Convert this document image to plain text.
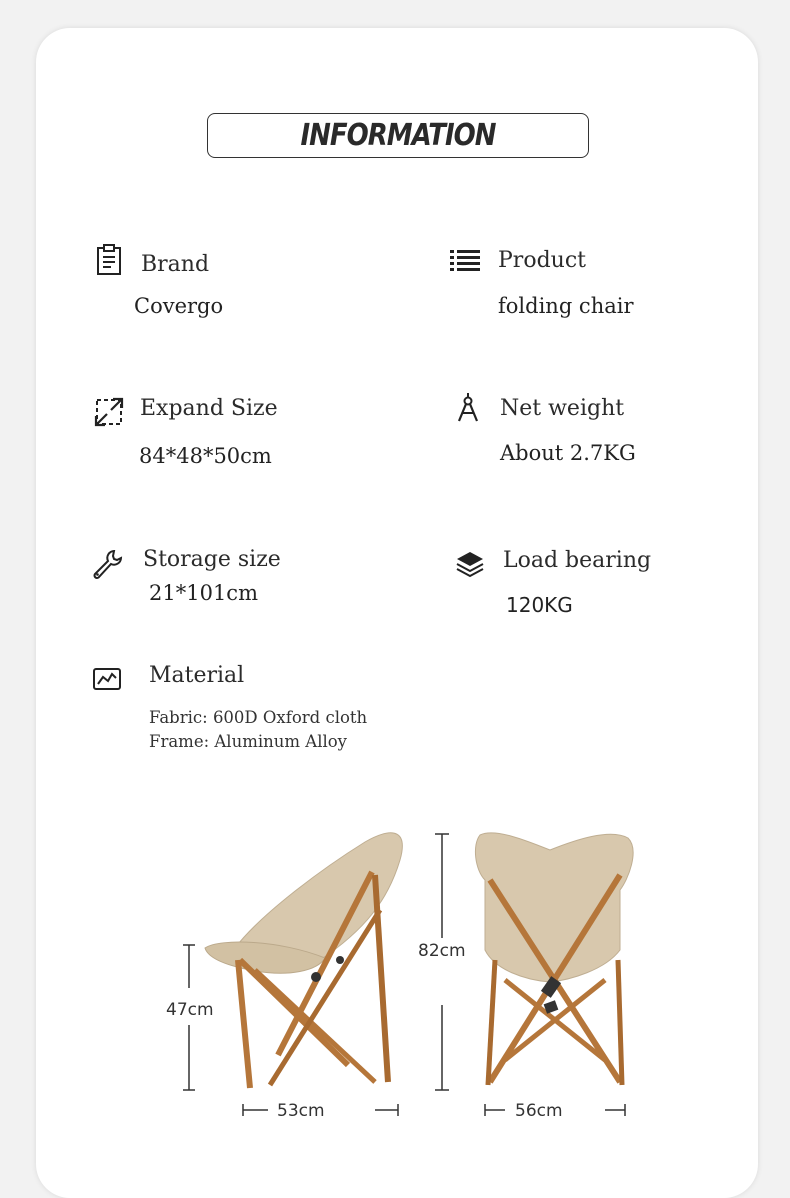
INFORMATION
Brand
Covergo
Product
folding chair
Expand Size
84*48*50cm
Net weight
About 2.7KG
Storage size
21*101cm
Load bearing
120KG
Material
Fabric: 600D Oxford cloth
Frame: Aluminum Alloy
47cm
53cm
82cm
56cm
